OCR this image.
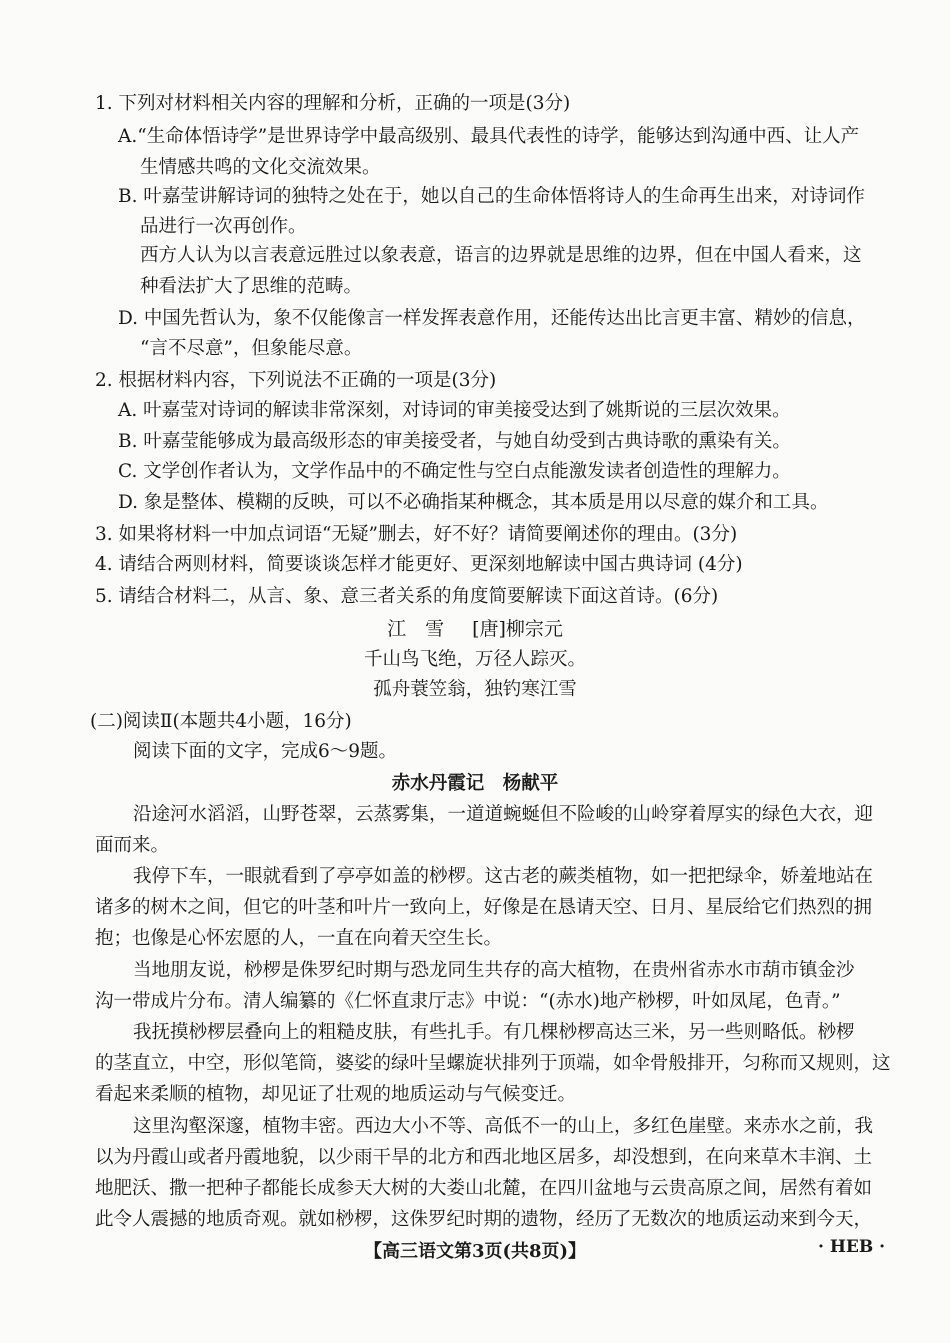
1. 下列对材料相关内容的理解和分析，正确的一项是(3分)
A.“生命体悟诗学”是世界诗学中最高级别、最具代表性的诗学，能够达到沟通中西、让人产
生情感共鸣的文化交流效果。
B. 叶嘉莹讲解诗词的独特之处在于，她以自己的生命体悟将诗人的生命再生出来，对诗词作
品进行一次再创作。
西方人认为以言表意远胜过以象表意，语言的边界就是思维的边界，但在中国人看来，这
种看法扩大了思维的范畴。
D. 中国先哲认为，象不仅能像言一样发挥表意作用，还能传达出比言更丰富、精妙的信息，
“言不尽意”，但象能尽意。
2. 根据材料内容，下列说法不正确的一项是(3分)
A. 叶嘉莹对诗词的解读非常深刻，对诗词的审美接受达到了姚斯说的三层次效果。
B. 叶嘉莹能够成为最高级形态的审美接受者，与她自幼受到古典诗歌的熏染有关。
C. 文学创作者认为，文学作品中的不确定性与空白点能激发读者创造性的理解力。
D. 象是整体、模糊的反映，可以不必确指某种概念，其本质是用以尽意的媒介和工具。
3. 如果将材料一中加点词语“无疑”删去，好不好？请简要阐述你的理由。(3分)
4. 请结合两则材料，简要谈谈怎样才能更好、更深刻地解读中国古典诗词 (4分)
5. 请结合材料二，从言、象、意三者关系的角度简要解读下面这首诗。(6分)
江　雪 [唐]柳宗元
千山鸟飞绝，万径人踪灭。
孤舟蓑笠翁，独钓寒江雪
(二)阅读Ⅱ(本题共4小题，16分)
阅读下面的文字，完成6～9题。
赤水丹霞记　杨献平
沿途河水滔滔，山野苍翠，云蒸雾集，一道道蜿蜒但不险峻的山岭穿着厚实的绿色大衣，迎
面而来。
我停下车，一眼就看到了亭亭如盖的桫椤。这古老的蕨类植物，如一把把绿伞，娇羞地站在
诸多的树木之间，但它的叶茎和叶片一致向上，好像是在恳请天空、日月、星辰给它们热烈的拥
抱；也像是心怀宏愿的人，一直在向着天空生长。
当地朋友说，桫椤是侏罗纪时期与恐龙同生共存的高大植物，在贵州省赤水市葫市镇金沙
沟一带成片分布。清人编纂的《仁怀直隶厅志》中说：“(赤水)地产桫椤，叶如凤尾，色青。”
我抚摸桫椤层叠向上的粗糙皮肤，有些扎手。有几棵桫椤高达三米，另一些则略低。桫椤
的茎直立，中空，形似笔筒，婆娑的绿叶呈螺旋状排列于顶端，如伞骨般排开，匀称而又规则，这
看起来柔顺的植物，却见证了壮观的地质运动与气候变迁。
这里沟壑深邃，植物丰密。西边大小不等、高低不一的山上，多红色崖壁。来赤水之前，我
以为丹霞山或者丹霞地貌，以少雨干旱的北方和西北地区居多，却没想到，在向来草木丰润、土
地肥沃、撒一把种子都能长成参天大树的大娄山北麓，在四川盆地与云贵高原之间，居然有着如
此令人震撼的地质奇观。就如桫椤，这侏罗纪时期的遗物，经历了无数次的地质运动来到今天，
【高三语文第3页(共8页)】	· HEB ·
